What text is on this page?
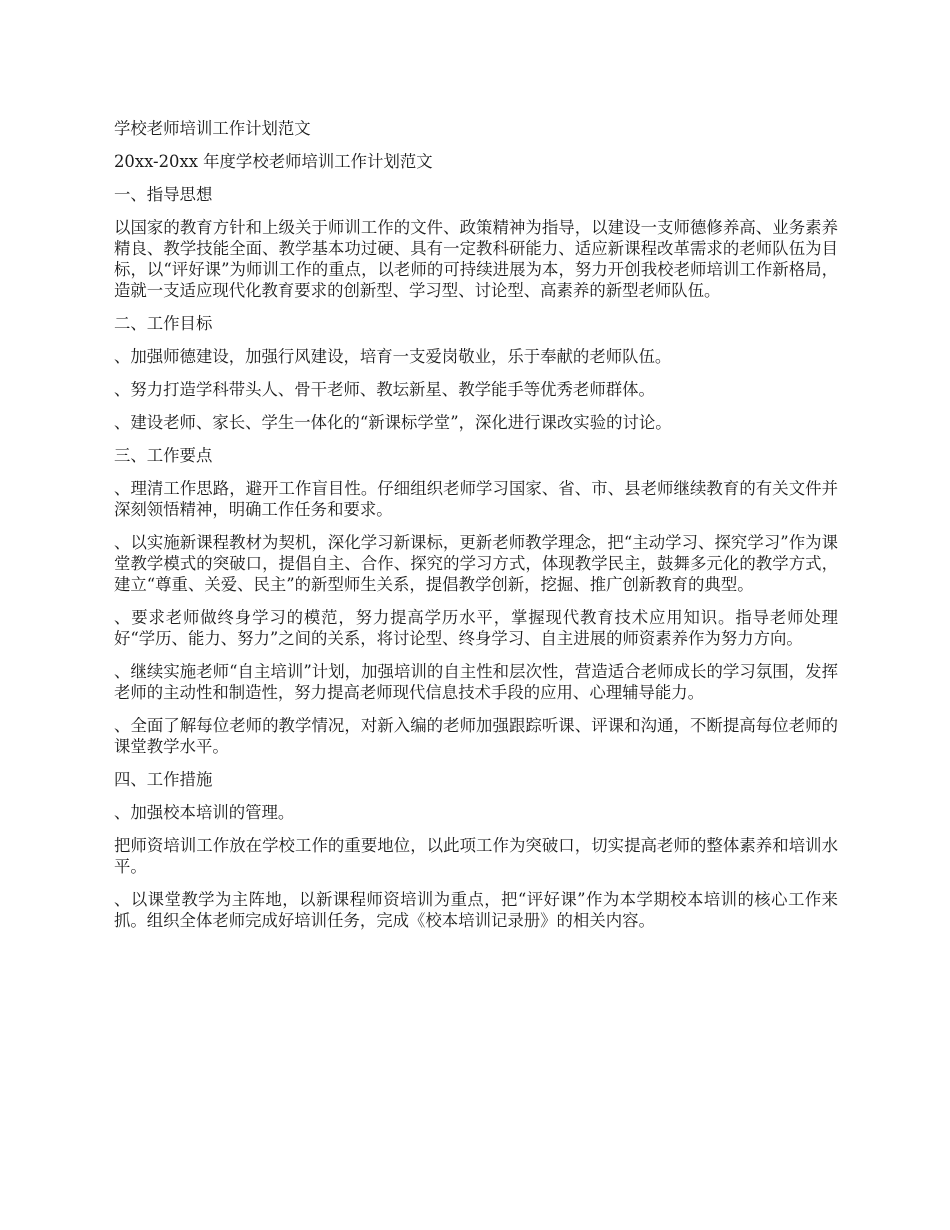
学校老师培训工作计划范文

20xx-20xx 年度学校老师培训工作计划范文

一、指导思想

以国家的教育方针和上级关于师训工作的文件、政策精神为指导，以建设一支师德修养高、业务素养精良、教学技能全面、教学基本功过硬、具有一定教科研能力、适应新课程改革需求的老师队伍为目标，以“评好课”为师训工作的重点，以老师的可持续进展为本，努力开创我校老师培训工作新格局，造就一支适应现代化教育要求的创新型、学习型、讨论型、高素养的新型老师队伍。

二、工作目标

、加强师德建设，加强行风建设，培育一支爱岗敬业，乐于奉献的老师队伍。

、努力打造学科带头人、骨干老师、教坛新星、教学能手等优秀老师群体。

、建设老师、家长、学生一体化的“新课标学堂”，深化进行课改实验的讨论。

三、工作要点

、理清工作思路，避开工作盲目性。仔细组织老师学习国家、省、市、县老师继续教育的有关文件并深刻领悟精神，明确工作任务和要求。

、以实施新课程教材为契机，深化学习新课标，更新老师教学理念，把“主动学习、探究学习”作为课堂教学模式的突破口，提倡自主、合作、探究的学习方式，体现教学民主，鼓舞多元化的教学方式，建立“尊重、关爱、民主”的新型师生关系，提倡教学创新，挖掘、推广创新教育的典型。

、要求老师做终身学习的模范，努力提高学历水平，掌握现代教育技术应用知识。指导老师处理好“学历、能力、努力”之间的关系，将讨论型、终身学习、自主进展的师资素养作为努力方向。

、继续实施老师“自主培训”计划，加强培训的自主性和层次性，营造适合老师成长的学习氛围，发挥老师的主动性和制造性，努力提高老师现代信息技术手段的应用、心理辅导能力。

、全面了解每位老师的教学情况，对新入编的老师加强跟踪听课、评课和沟通，不断提高每位老师的课堂教学水平。

四、工作措施

、加强校本培训的管理。

把师资培训工作放在学校工作的重要地位，以此项工作为突破口，切实提高老师的整体素养和培训水平。

、以课堂教学为主阵地，以新课程师资培训为重点，把“评好课”作为本学期校本培训的核心工作来抓。组织全体老师完成好培训任务，完成《校本培训记录册》的相关内容。
